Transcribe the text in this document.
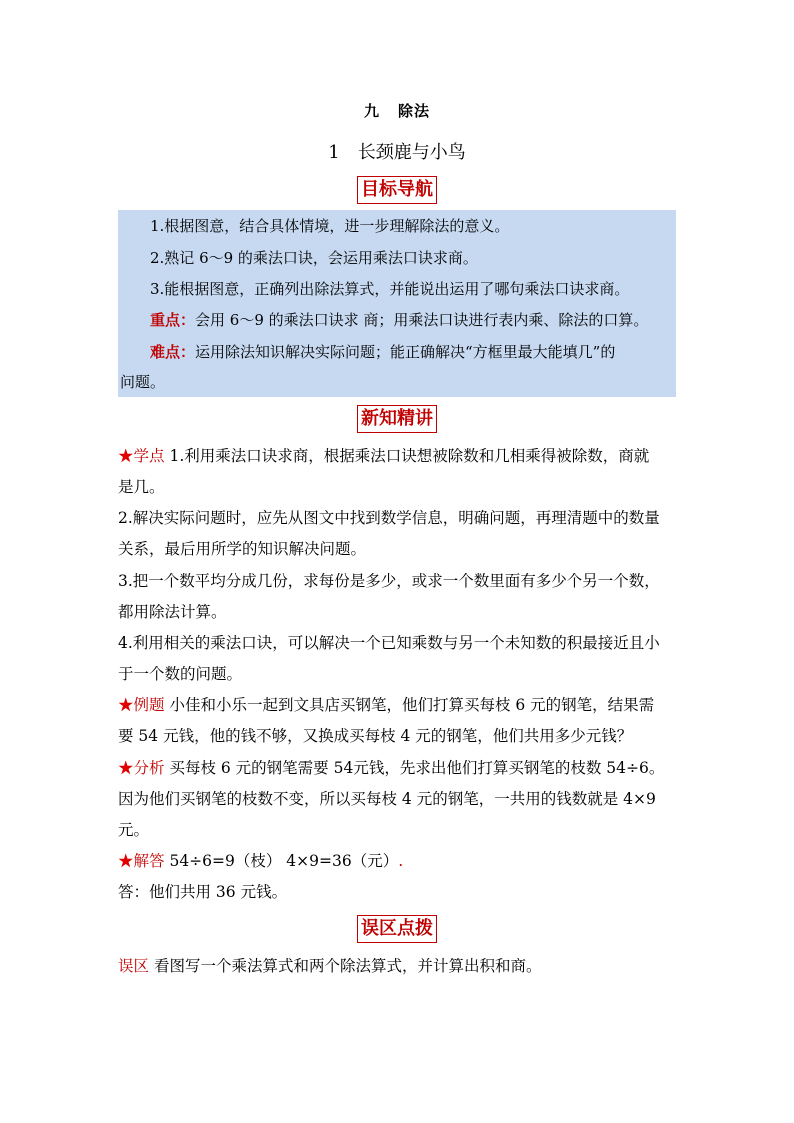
九 除法
1 长颈鹿与小鸟
目标导航
1.根据图意，结合具体情境，进一步理解除法的意义。
2.熟记 6～9 的乘法口诀，会运用乘法口诀求商。
3.能根据图意，正确列出除法算式，并能说出运用了哪句乘法口诀求商。
重点：会用 6～9 的乘法口诀求 商；用乘法口诀进行表内乘、除法的口算。
难点：运用除法知识解决实际问题；能正确解决“方框里最大能填几”的
问题。
新知精讲
★学点 1.利用乘法口诀求商，根据乘法口诀想被除数和几相乘得被除数，商就
是几。
2.解决实际问题时，应先从图文中找到数学信息，明确问题，再理清题中的数量
关系，最后用所学的知识解决问题。
3.把一个数平均分成几份，求每份是多少，或求一个数里面有多少个另一个数，
都用除法计算。
4.利用相关的乘法口诀，可以解决一个已知乘数与另一个未知数的积最接近且小
于一个数的问题。
★例题 小佳和小乐一起到文具店买钢笔，他们打算买每枝 6 元的钢笔，结果需
要 54 元钱，他的钱不够，又换成买每枝 4 元的钢笔，他们共用多少元钱？
★分析 买每枝 6 元的钢笔需要 54元钱，先求出他们打算买钢笔的枝数 54÷6。
因为他们买钢笔的枝数不变，所以买每枝 4 元的钢笔，一共用的钱数就是 4×9
元。
★解答 54÷6=9（枝） 4×9=36（元）.
答：他们共用 36 元钱。
误区点拨
误区 看图写一个乘法算式和两个除法算式，并计算出积和商。
